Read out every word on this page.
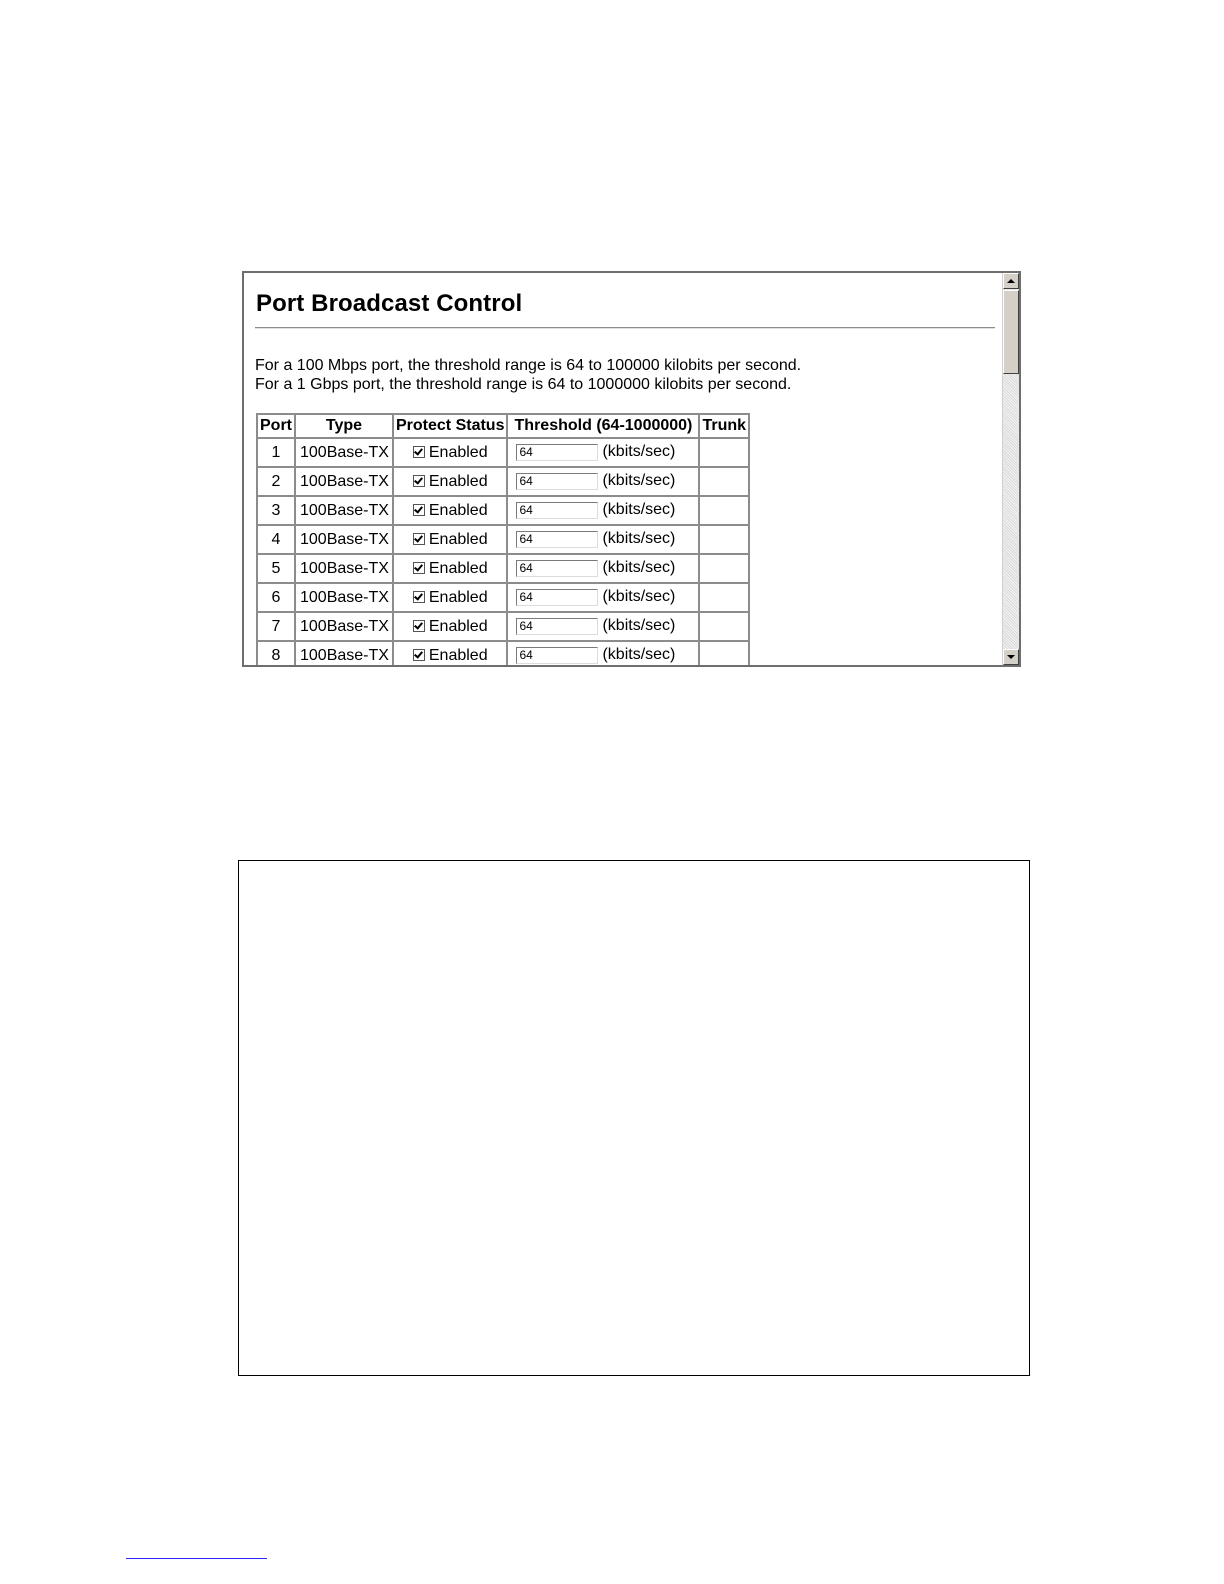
Port Broadcast Control
For a 100 Mbps port, the threshold range is 64 to 100000 kilobits per second.
For a 1 Gbps port, the threshold range is 64 to 1000000 kilobits per second.
Port	Type	Protect Status	Threshold (64-1000000)	Trunk
1	100Base-TX	Enabled	64(kbits/sec)	
2	100Base-TX	Enabled	64(kbits/sec)	
3	100Base-TX	Enabled	64(kbits/sec)	
4	100Base-TX	Enabled	64(kbits/sec)	
5	100Base-TX	Enabled	64(kbits/sec)	
6	100Base-TX	Enabled	64(kbits/sec)	
7	100Base-TX	Enabled	64(kbits/sec)	
8	100Base-TX	Enabled	64(kbits/sec)	
